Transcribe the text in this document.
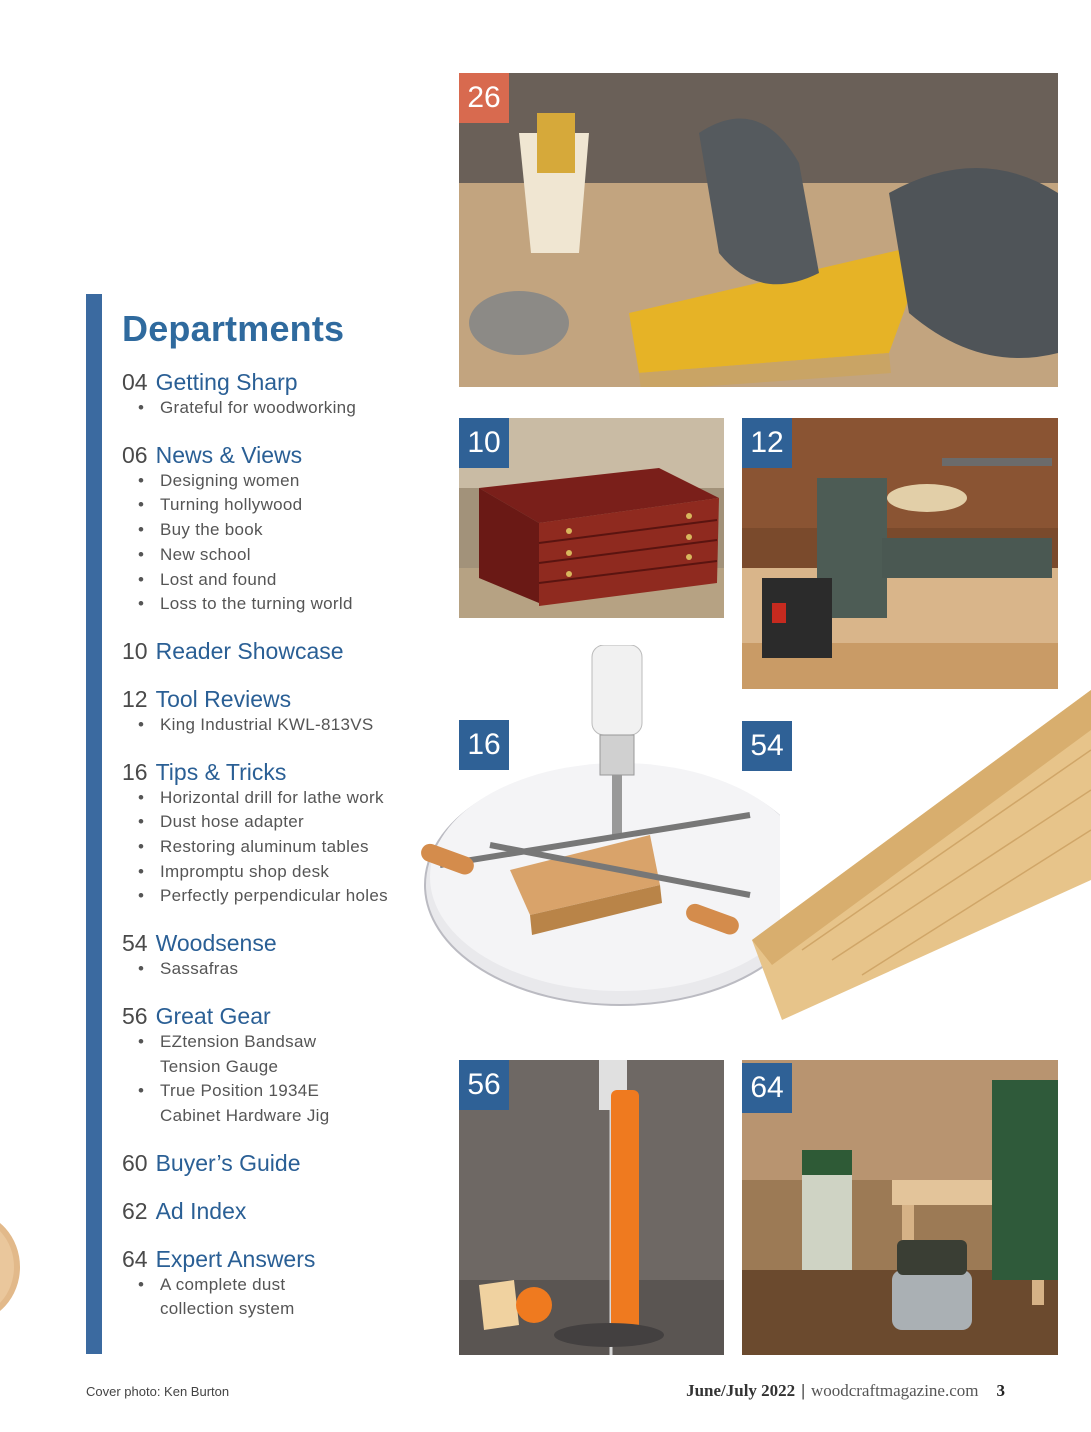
Departments
04 Getting Sharp
• Grateful for woodworking
06 News & Views
• Designing women
• Turning hollywood
• Buy the book
• New school
• Lost and found
• Loss to the turning world
10 Reader Showcase
12 Tool Reviews
• King Industrial KWL-813VS
16 Tips & Tricks
• Horizontal drill for lathe work
• Dust hose adapter
• Restoring aluminum tables
• Impromptu shop desk
• Perfectly perpendicular holes
54 Woodsense
• Sassafras
56 Great Gear
• EZtension Bandsaw
Tension Gauge
• True Position 1934E
Cabinet Hardware Jig
60 Buyer’s Guide
62 Ad Index
64 Expert Answers
• A complete dust
collection system
26
10	12
16	54
56	64
Cover photo: Ken Burton	June/July 2022 | woodcraftmagazine.com 3
